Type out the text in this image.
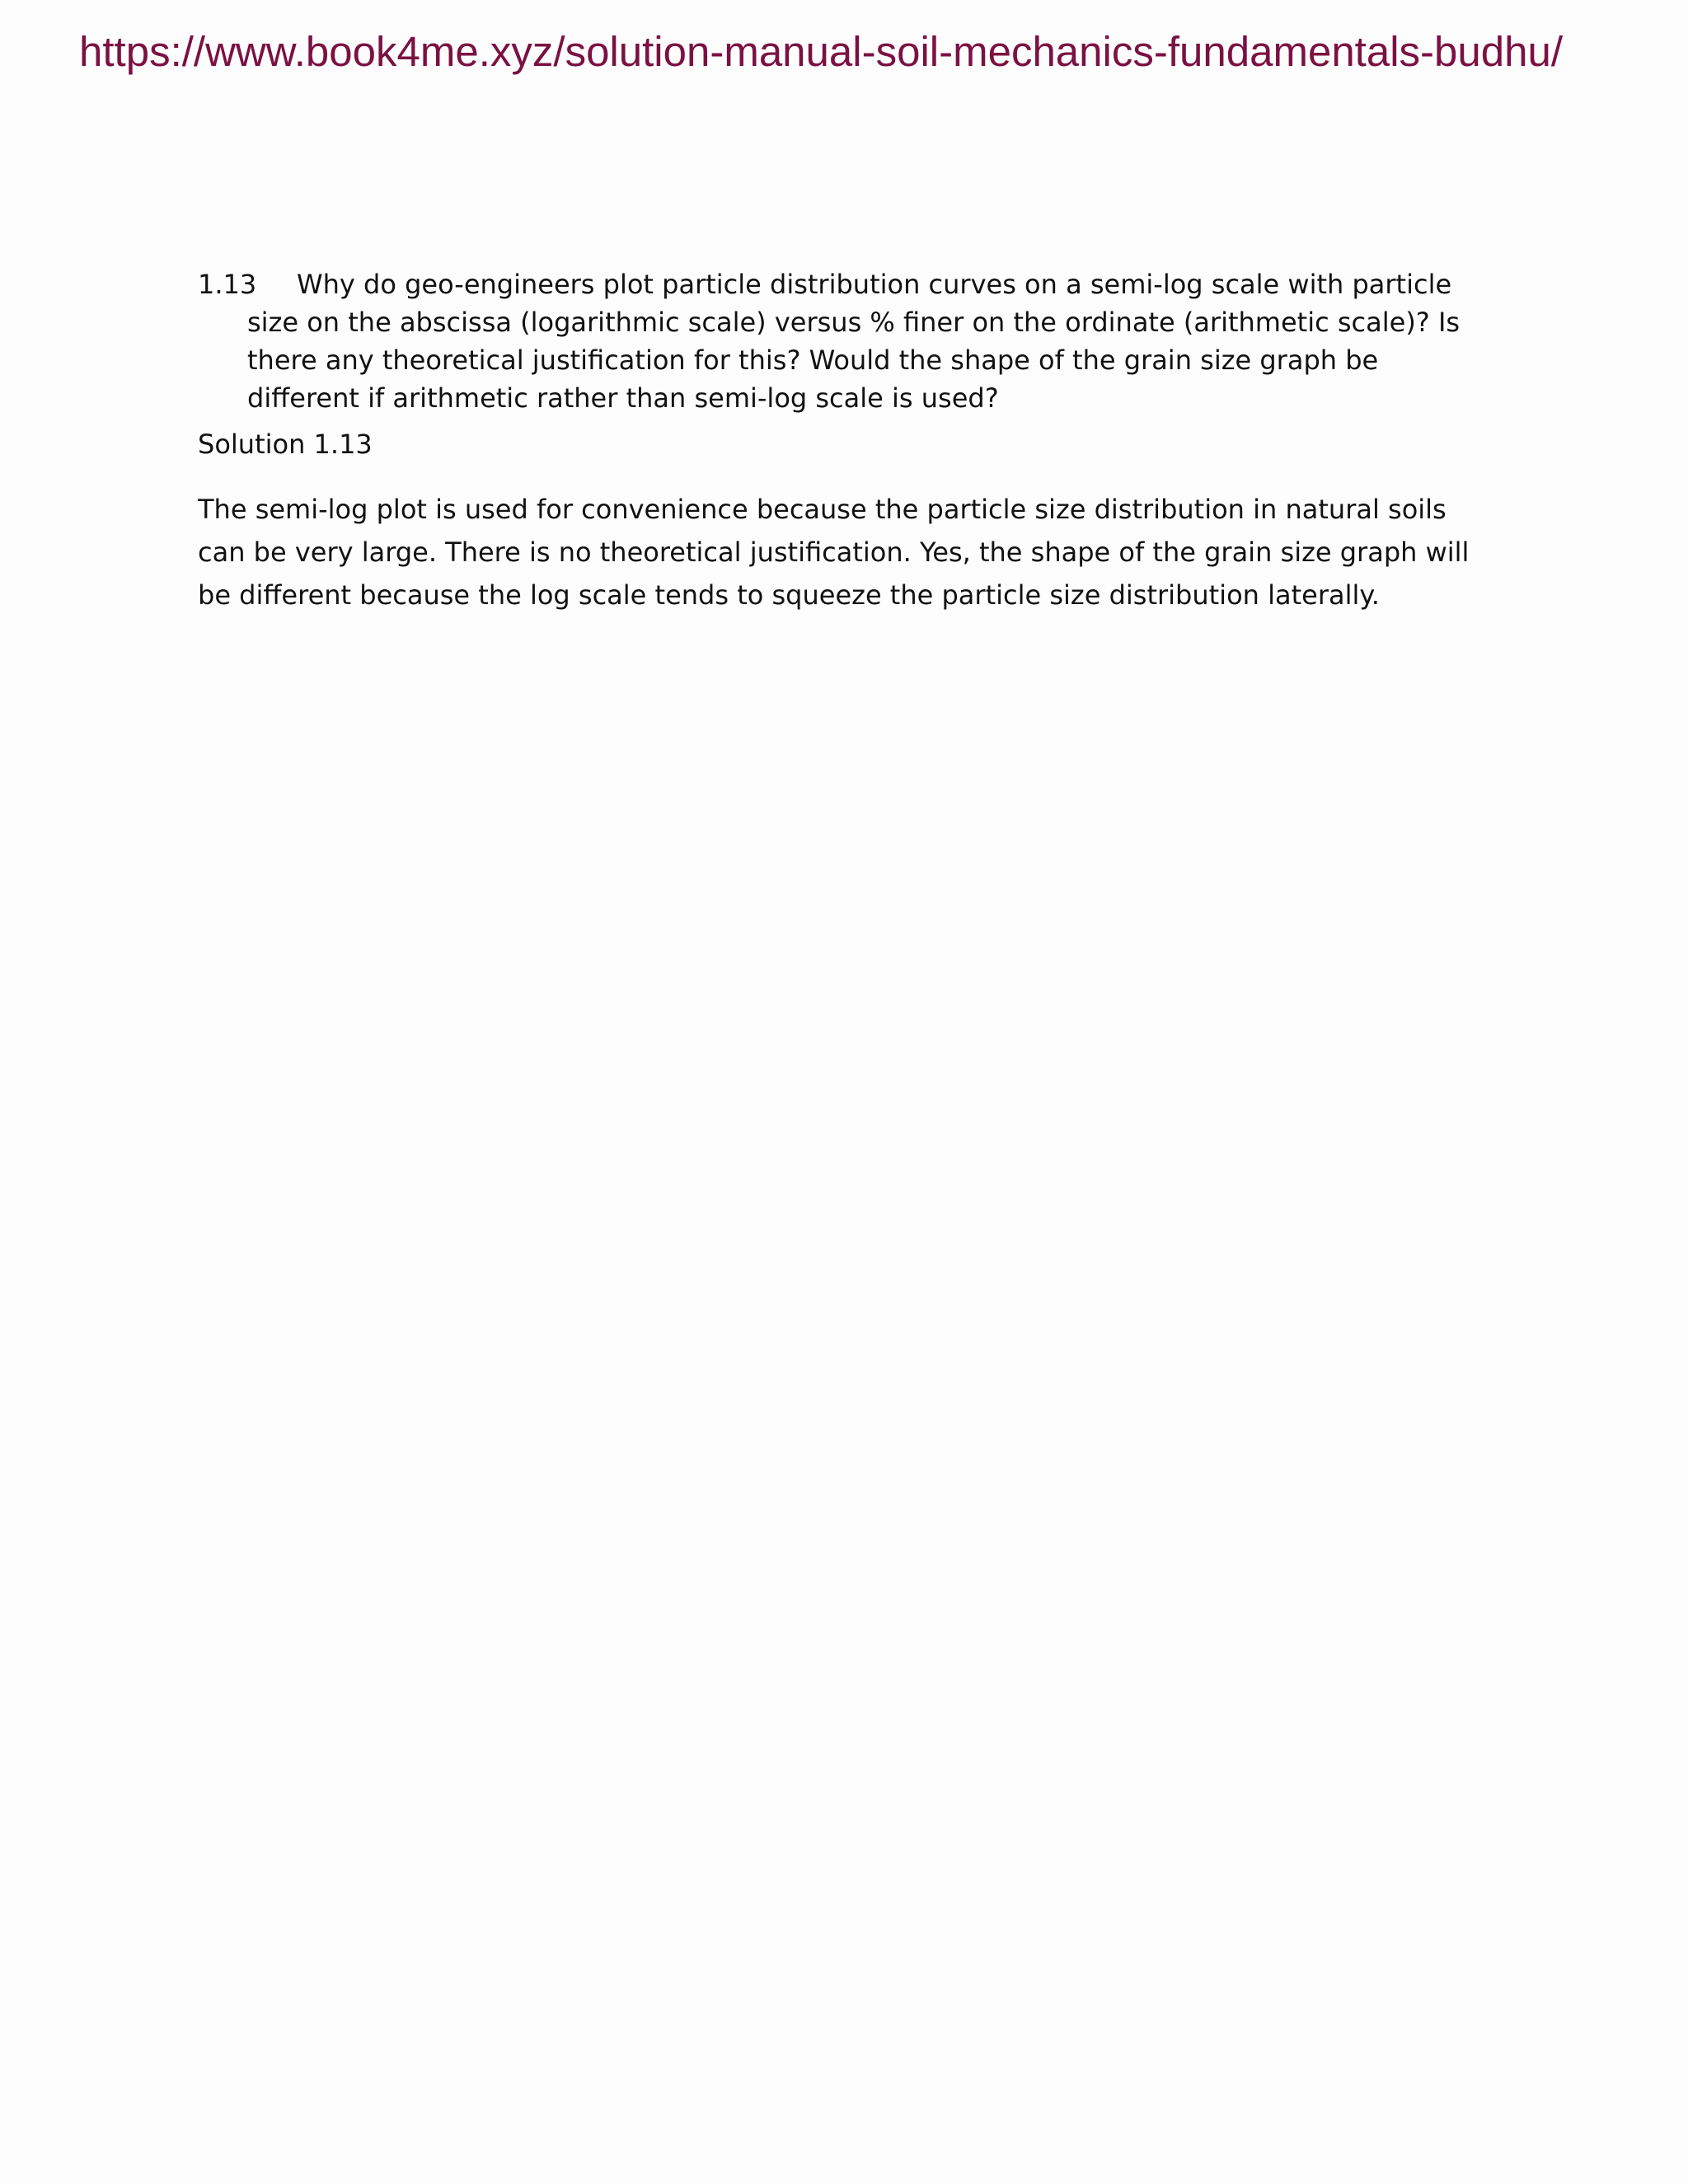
https://www.book4me.xyz/solution-manual-soil-mechanics-fundamentals-budhu/

1.13 Why do geo-engineers plot particle distribution curves on a semi-log scale with particle size on the abscissa (logarithmic scale) versus % finer on the ordinate (arithmetic scale)? Is there any theoretical justification for this? Would the shape of the grain size graph be different if arithmetic rather than semi-log scale is used?

Solution 1.13

The semi-log plot is used for convenience because the particle size distribution in natural soils can be very large. There is no theoretical justification. Yes, the shape of the grain size graph will be different because the log scale tends to squeeze the particle size distribution laterally.
